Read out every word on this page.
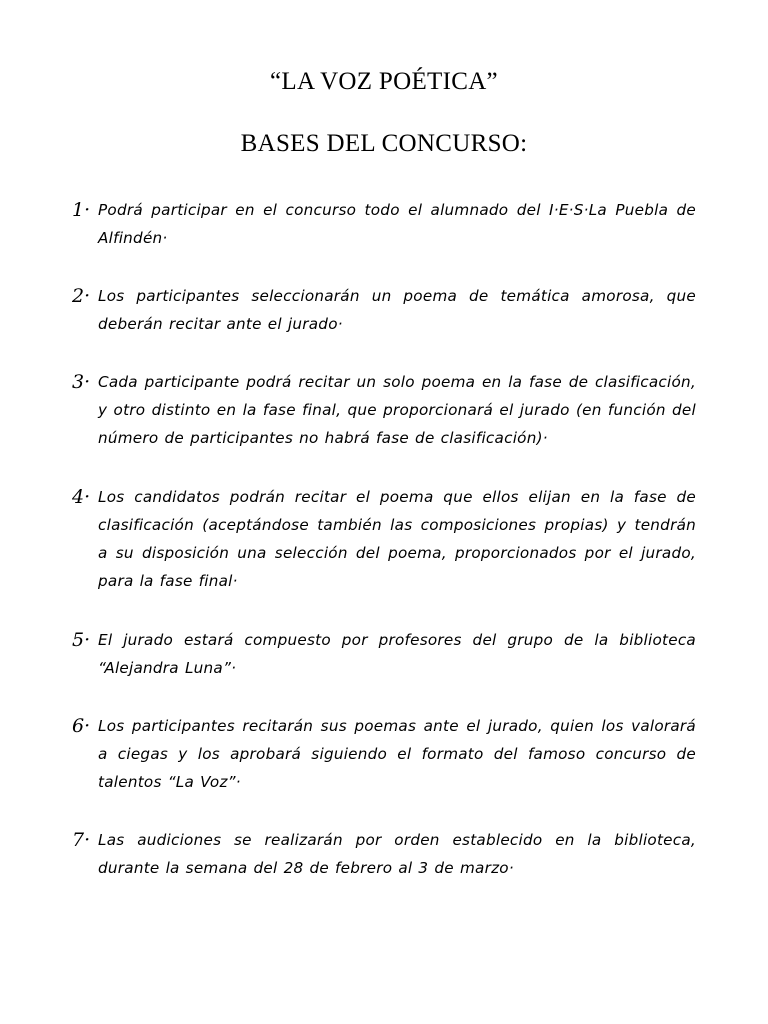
“LA VOZ POÉTICA”
BASES DEL CONCURSO:
1· Podrá participar en el concurso todo el alumnado del I·E·S·La Puebla de Alfindén·
2· Los participantes seleccionarán un poema de temática amorosa, que deberán recitar ante el jurado·
3· Cada participante podrá recitar un solo poema en la fase de clasificación, y otro distinto en la fase final, que proporcionará el jurado (en función del número de participantes no habrá fase de clasificación)·
4· Los candidatos podrán recitar el poema que ellos elijan en la fase de clasificación (aceptándose también las composiciones propias) y tendrán a su disposición una selección del poema, proporcionados por el jurado, para la fase final·
5· El jurado estará compuesto por profesores del grupo de la biblioteca “Alejandra Luna”·
6· Los participantes recitarán sus poemas ante el jurado, quien los valorará a ciegas y los aprobará siguiendo el formato del famoso concurso de talentos “La Voz”·
7· Las audiciones se realizarán por orden establecido en la biblioteca, durante la semana del 28 de febrero al 3 de marzo·
